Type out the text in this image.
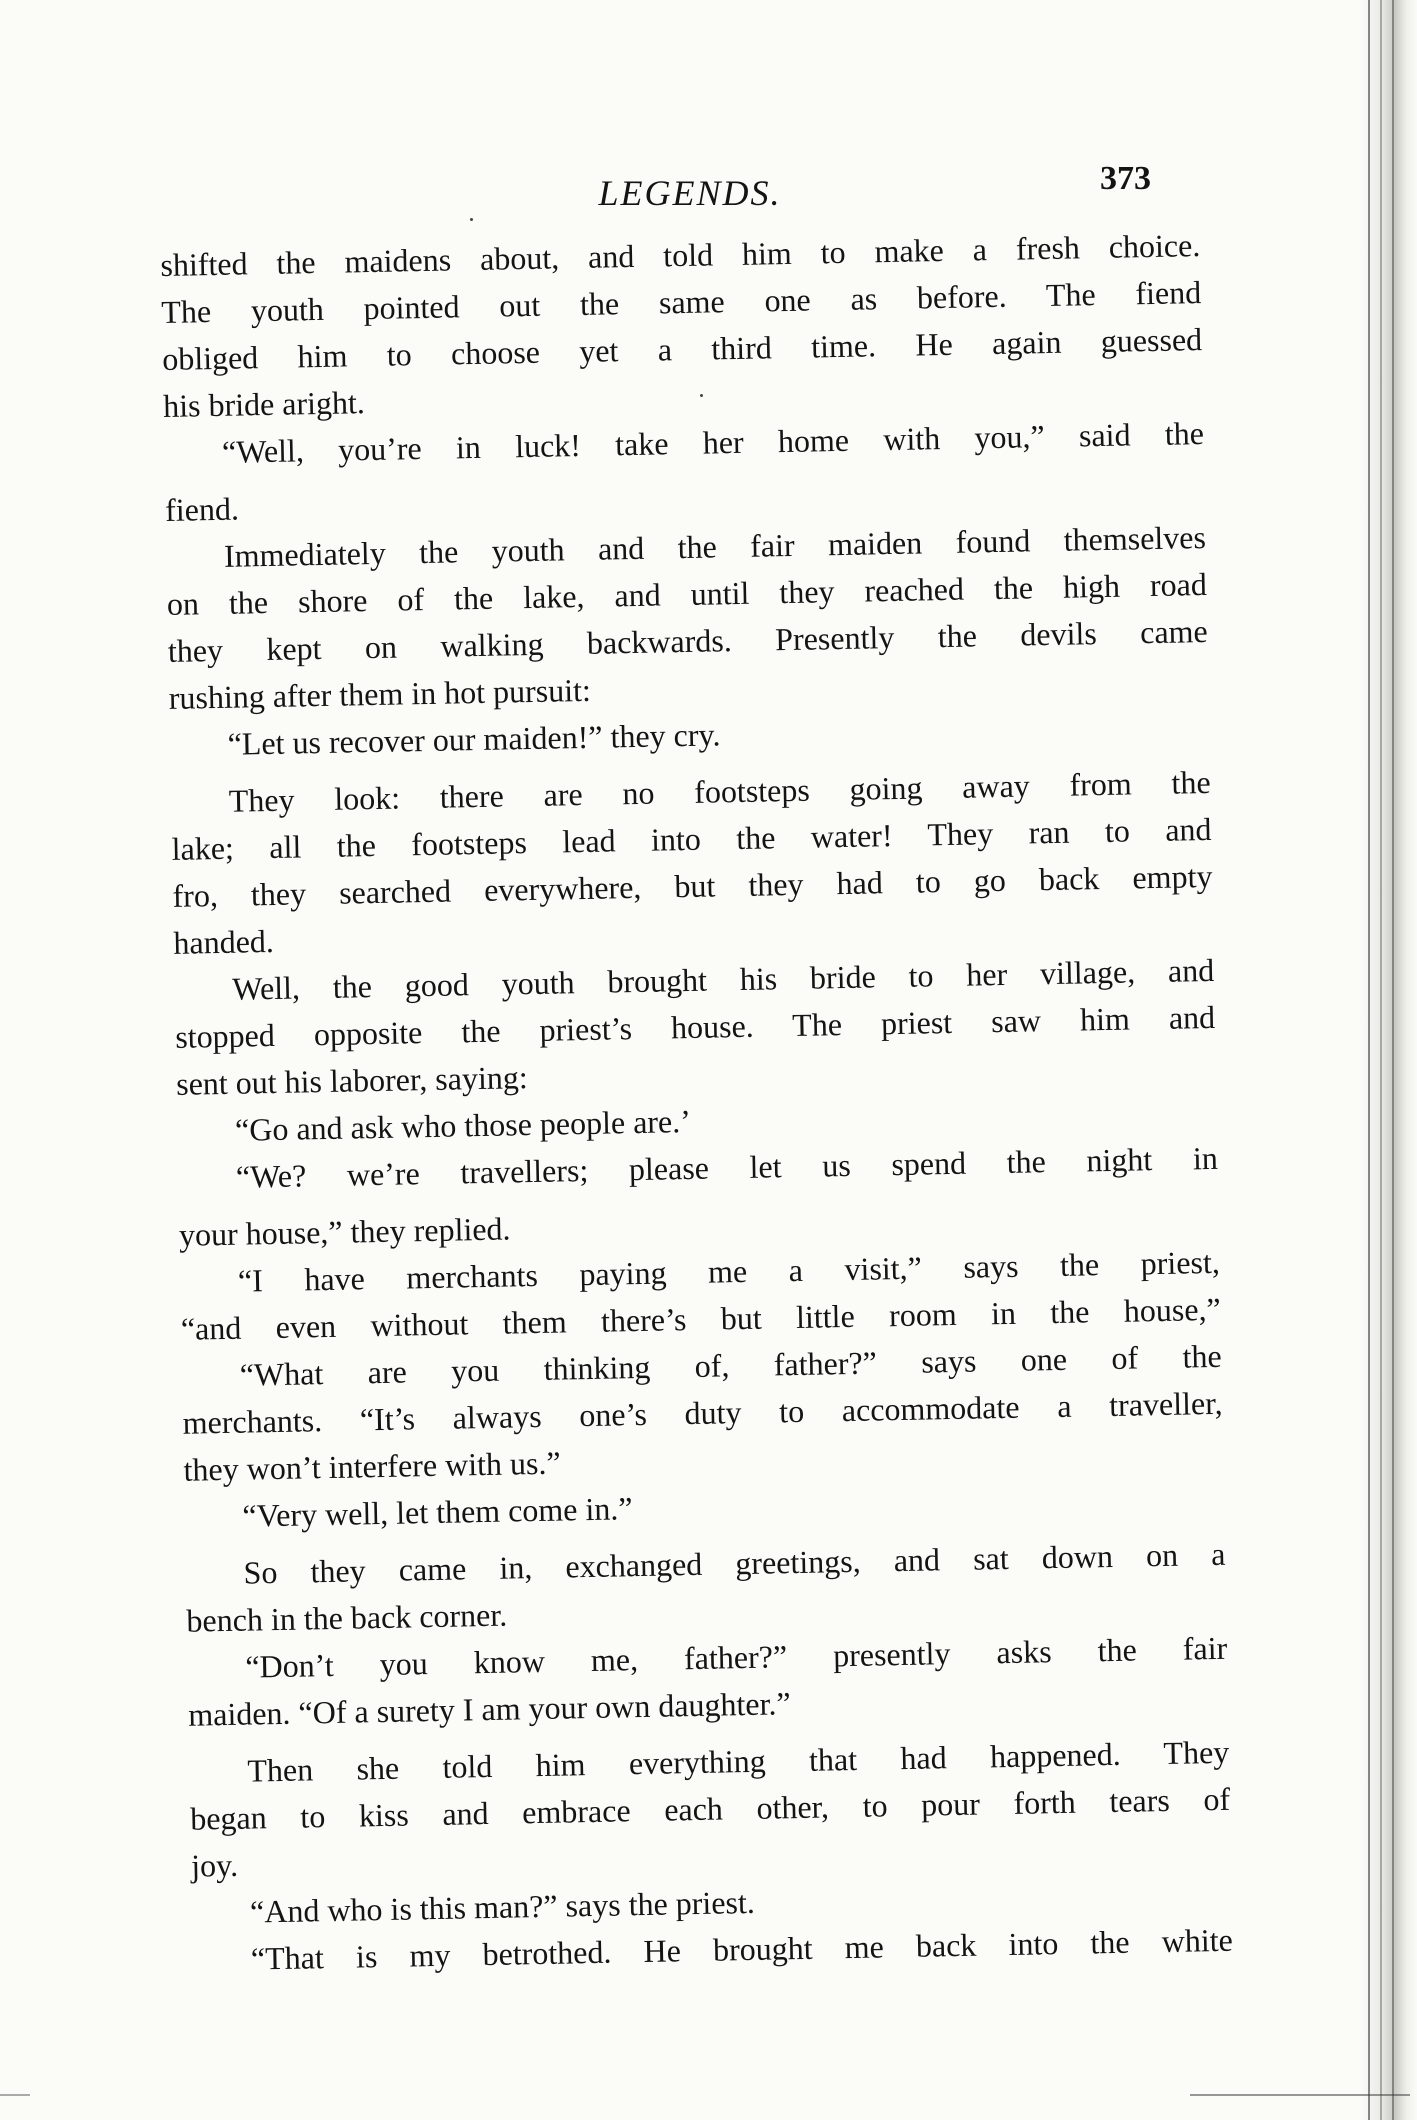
LEGENDS.	373
shifted the maidens about, and told him to make a fresh choice.
The youth pointed out the same one as before. The fiend
obliged him to choose yet a third time. He again guessed
his bride aright.
“Well, you’re in luck! take her home with you,” said the
fiend.
Immediately the youth and the fair maiden found themselves
on the shore of the lake, and until they reached the high road
they kept on walking backwards. Presently the devils came
rushing after them in hot pursuit:
“Let us recover our maiden!” they cry.
They look: there are no footsteps going away from the
lake; all the footsteps lead into the water! They ran to and
fro, they searched everywhere, but they had to go back empty
handed.
Well, the good youth brought his bride to her village, and
stopped opposite the priest’s house. The priest saw him and
sent out his laborer, saying:
“Go and ask who those people are.’
“We? we’re travellers; please let us spend the night in
your house,” they replied.
“I have merchants paying me a visit,” says the priest,
“and even without them there’s but little room in the house,”
“What are you thinking of, father?” says one of the
merchants. “It’s always one’s duty to accommodate a traveller,
they won’t interfere with us.”
“Very well, let them come in.”
So they came in, exchanged greetings, and sat down on a
bench in the back corner.
“Don’t you know me, father?” presently asks the fair
maiden. “Of a surety I am your own daughter.”
Then she told him everything that had happened. They
began to kiss and embrace each other, to pour forth tears of
joy.
“And who is this man?” says the priest.
“That is my betrothed. He brought me back into the white
